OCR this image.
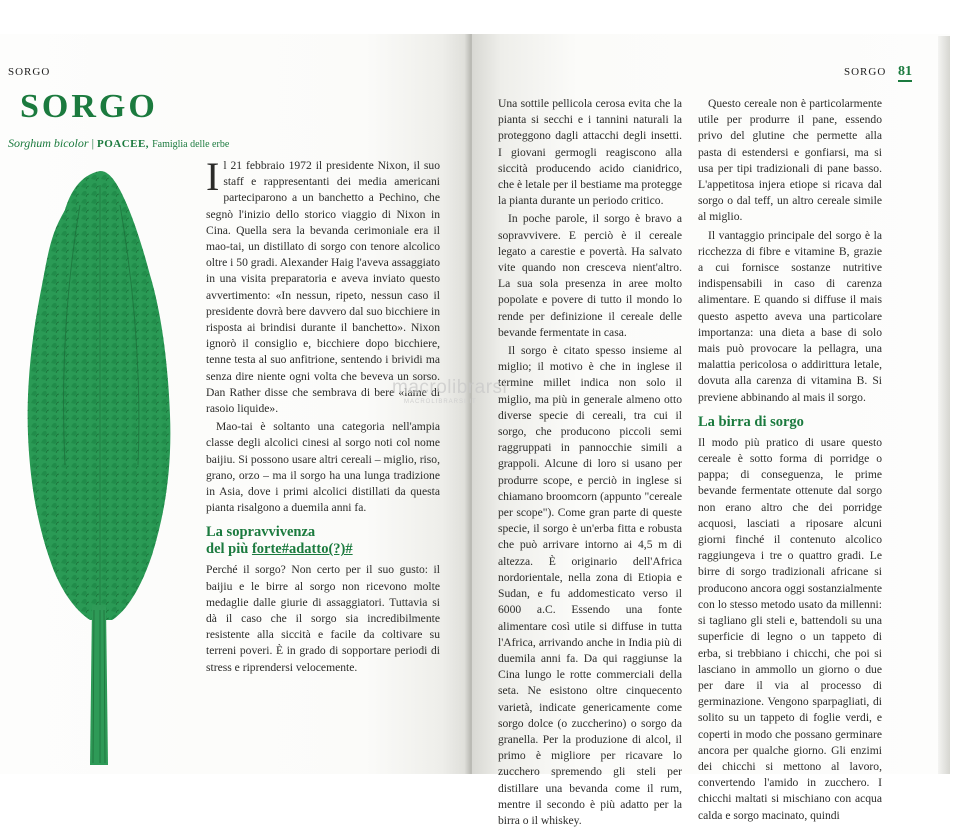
SORGO
SORGO
Sorghum bicolor | POACEE, Famiglia delle erbe

Il 21 febbraio 1972 il presidente Nixon, il suo staff e rappresentanti dei media americani parteciparono a un banchetto a Pechino, che segnò l'inizio dello storico viaggio di Nixon in Cina. Quella sera la bevanda cerimoniale era il mao-tai, un distillato di sorgo con tenore alcolico oltre i 50 gradi. Alexander Haig l'aveva assaggiato in una visita preparatoria e aveva inviato questo avvertimento: «In nessun, ripeto, nessun caso il presidente dovrà bere davvero dal suo bicchiere in risposta ai brindisi durante il banchetto». Nixon ignorò il consiglio e, bicchiere dopo bicchiere, tenne testa al suo anfitrione, sentendo i brividi ma senza dire niente ogni volta che beveva un sorso. Dan Rather disse che sembrava di bere «lame di rasoio liquide».

Mao-tai è soltanto una categoria nell'ampia classe degli alcolici cinesi al sorgo noti col nome baijiu. Si possono usare altri cereali – miglio, riso, grano, orzo – ma il sorgo ha una lunga tradizione in Asia, dove i primi alcolici distillati da questa pianta risalgono a duemila anni fa.

La sopravvivenza
del più forte#adatto(?)#

Perché il sorgo? Non certo per il suo gusto: il baijiu e le birre al sorgo non ricevono molte medaglie dalle giurie di assaggiatori. Tuttavia si dà il caso che il sorgo sia incredibilmente resistente alla siccità e facile da coltivare su terreni poveri. È in grado di sopportare periodi di stress e riprendersi velocemente.

SORGO 81

Una sottile pellicola cerosa evita che la pianta si secchi e i tannini naturali la proteggono dagli attacchi degli insetti. I giovani germogli reagiscono alla siccità producendo acido cianidrico, che è letale per il bestiame ma protegge la pianta durante un periodo critico.

In poche parole, il sorgo è bravo a sopravvivere. E perciò è il cereale legato a carestie e povertà. Ha salvato vite quando non cresceva nient'altro. La sua sola presenza in aree molto popolate e povere di tutto il mondo lo rende per definizione il cereale delle bevande fermentate in casa.

Il sorgo è citato spesso insieme al miglio; il motivo è che in inglese il termine millet indica non solo il miglio, ma più in generale almeno otto diverse specie di cereali, tra cui il sorgo, che producono piccoli semi raggruppati in pannocchie simili a grappoli. Alcune di loro si usano per produrre scope, e perciò in inglese si chiamano broomcorn (appunto "cereale per scope"). Come gran parte di queste specie, il sorgo è un'erba fitta e robusta che può arrivare intorno ai 4,5 m di altezza. È originario dell'Africa nordorientale, nella zona di Etiopia e Sudan, e fu addomesticato verso il 6000 a.C. Essendo una fonte alimentare così utile si diffuse in tutta l'Africa, arrivando anche in India più di duemila anni fa. Da qui raggiunse la Cina lungo le rotte commerciali della seta. Ne esistono oltre cinquecento varietà, indicate genericamente come sorgo dolce (o zuccherino) o sorgo da granella. Per la produzione di alcol, il primo è migliore per ricavare lo zucchero spremendo gli steli per distillare una bevanda come il rum, mentre il secondo è più adatto per la birra o il whiskey.

Questo cereale non è particolarmente utile per produrre il pane, essendo privo del glutine che permette alla pasta di estendersi e gonfiarsi, ma si usa per tipi tradizionali di pane basso. L'appetitosa injera etiope si ricava dal sorgo o dal teff, un altro cereale simile al miglio.

Il vantaggio principale del sorgo è la ricchezza di fibre e vitamine B, grazie a cui fornisce sostanze nutritive indispensabili in caso di carenza alimentare. E quando si diffuse il mais questo aspetto aveva una particolare importanza: una dieta a base di solo mais può provocare la pellagra, una malattia pericolosa o addirittura letale, dovuta alla carenza di vitamina B. Si previene abbinando al mais il sorgo.

La birra di sorgo

Il modo più pratico di usare questo cereale è sotto forma di porridge o pappa; di conseguenza, le prime bevande fermentate ottenute dal sorgo non erano altro che dei porridge acquosi, lasciati a riposare alcuni giorni finché il contenuto alcolico raggiungeva i tre o quattro gradi. Le birre di sorgo tradizionali africane si producono ancora oggi sostanzialmente con lo stesso metodo usato da millenni: si tagliano gli steli e, battendoli su una superficie di legno o un tappeto di erba, si trebbiano i chicchi, che poi si lasciano in ammollo un giorno o due per dare il via al processo di germinazione. Vengono sparpagliati, di solito su un tappeto di foglie verdi, e coperti in modo che possano germinare ancora per qualche giorno. Gli enzimi dei chicchi si mettono al lavoro, convertendo l'amido in zucchero. I chicchi maltati si mischiano con acqua calda e sorgo macinato, quindi

macrolibrarsi
MACROLIBRARSI.IT
